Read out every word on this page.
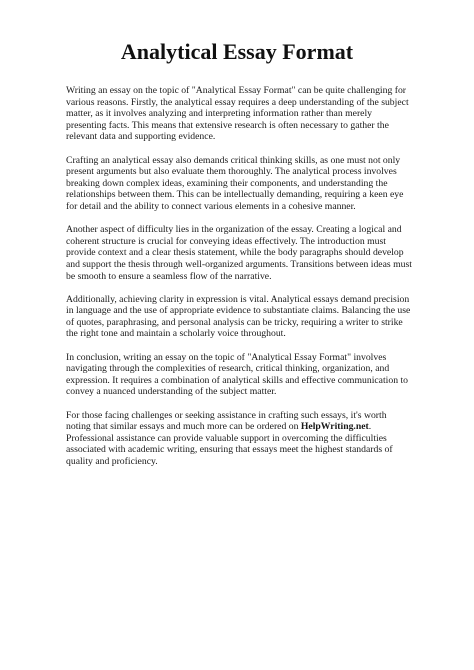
Analytical Essay Format

Writing an essay on the topic of "Analytical Essay Format" can be quite challenging for various reasons. Firstly, the analytical essay requires a deep understanding of the subject matter, as it involves analyzing and interpreting information rather than merely presenting facts. This means that extensive research is often necessary to gather the relevant data and supporting evidence.

Crafting an analytical essay also demands critical thinking skills, as one must not only present arguments but also evaluate them thoroughly. The analytical process involves breaking down complex ideas, examining their components, and understanding the relationships between them. This can be intellectually demanding, requiring a keen eye for detail and the ability to connect various elements in a cohesive manner.

Another aspect of difficulty lies in the organization of the essay. Creating a logical and coherent structure is crucial for conveying ideas effectively. The introduction must provide context and a clear thesis statement, while the body paragraphs should develop and support the thesis through well-organized arguments. Transitions between ideas must be smooth to ensure a seamless flow of the narrative.

Additionally, achieving clarity in expression is vital. Analytical essays demand precision in language and the use of appropriate evidence to substantiate claims. Balancing the use of quotes, paraphrasing, and personal analysis can be tricky, requiring a writer to strike the right tone and maintain a scholarly voice throughout.

In conclusion, writing an essay on the topic of "Analytical Essay Format" involves navigating through the complexities of research, critical thinking, organization, and expression. It requires a combination of analytical skills and effective communication to convey a nuanced understanding of the subject matter.

For those facing challenges or seeking assistance in crafting such essays, it's worth noting that similar essays and much more can be ordered on HelpWriting.net. Professional assistance can provide valuable support in overcoming the difficulties associated with academic writing, ensuring that essays meet the highest standards of quality and proficiency.
